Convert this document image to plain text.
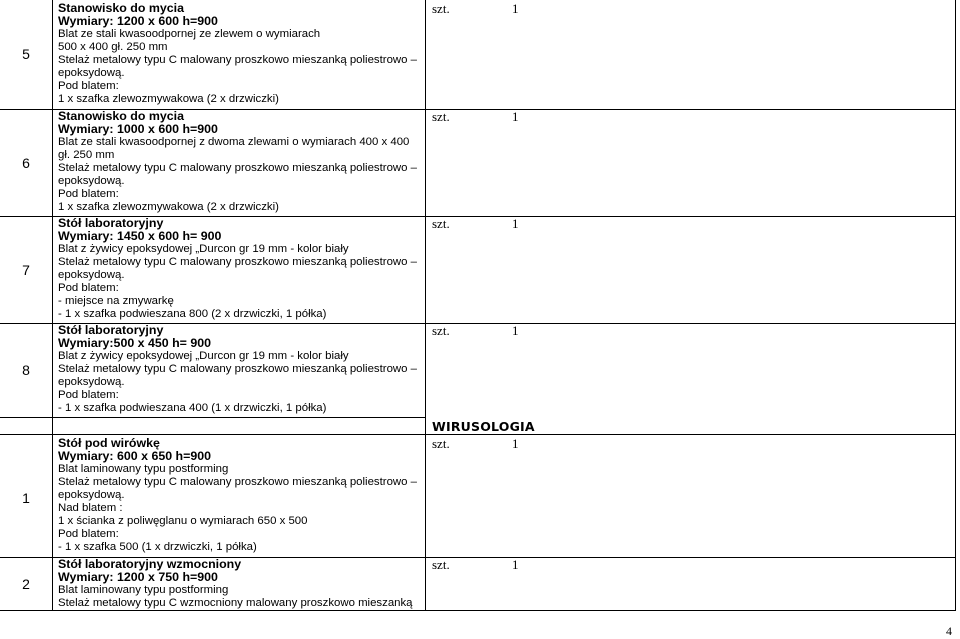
5
Stanowisko do mycia
Wymiary: 1200 x 600 h=900
Blat ze stali kwasoodpornej ze zlewem o wymiarach
500 x 400 gł. 250 mm
Stelaż metalowy typu C malowany proszkowo mieszanką poliestrowo –
epoksydową.
Pod blatem:
1 x szafka zlewozmywakowa (2 x drzwiczki)
szt.	1
6
Stanowisko do mycia
Wymiary: 1000 x 600 h=900
Blat ze stali kwasoodpornej z dwoma zlewami o wymiarach 400 x 400
gł. 250 mm
Stelaż metalowy typu C malowany proszkowo mieszanką poliestrowo –
epoksydową.
Pod blatem:
1 x szafka zlewozmywakowa (2 x drzwiczki)
szt.	1
7
Stół laboratoryjny
Wymiary: 1450 x 600 h= 900
Blat z żywicy epoksydowej „Durcon gr 19 mm - kolor biały
Stelaż metalowy typu C malowany proszkowo mieszanką poliestrowo –
epoksydową.
Pod blatem:
- miejsce na zmywarkę
- 1 x szafka podwieszana 800 (2 x drzwiczki, 1 półka)
szt.	1
8
Stół laboratoryjny
Wymiary:500 x 450 h= 900
Blat z żywicy epoksydowej „Durcon gr 19 mm - kolor biały
Stelaż metalowy typu C malowany proszkowo mieszanką poliestrowo –
epoksydową.
Pod blatem:
- 1 x szafka podwieszana 400 (1 x drzwiczki, 1 półka)
szt.	1
WIRUSOLOGIA
1
Stół pod wirówkę
Wymiary: 600 x 650 h=900
Blat laminowany typu postforming
Stelaż metalowy typu C malowany proszkowo mieszanką poliestrowo –
epoksydową.
Nad blatem :
1 x ścianka z poliwęglanu o wymiarach 650 x 500
Pod blatem:
- 1 x szafka 500 (1 x drzwiczki, 1 półka)
szt.	1
2
Stół laboratoryjny wzmocniony
Wymiary: 1200 x 750 h=900
Blat laminowany typu postforming
Stelaż metalowy typu C wzmocniony malowany proszkowo mieszanką
szt.	1
4
